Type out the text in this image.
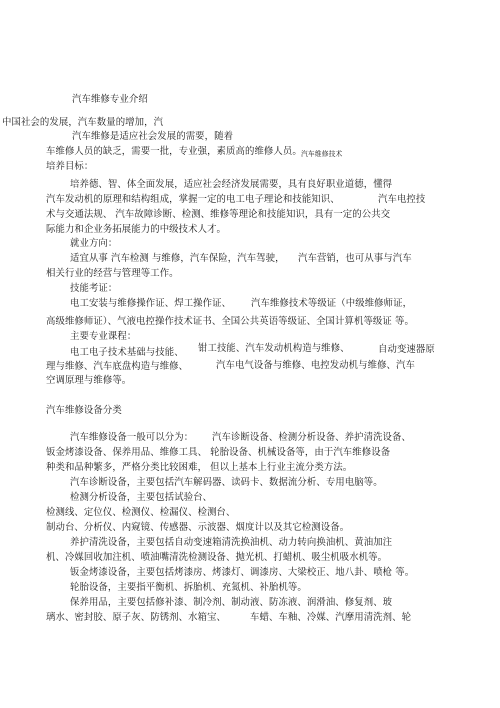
汽车维修专业介绍
中国社会的发展，汽车数量的增加，汽
汽车维修是适应社会发展的需要，随着
车维修人员的缺乏，需要一批，专业强，素质高的维修人员。 汽车维修技术
培养目标：
培养德、智、体全面发展，适应社会经济发展需要，具有良好职业道德，懂得
汽车发动机的原理和结构组成，掌握一定的电工电子理论和技能知识、	汽车电控技
术与交通法规、 汽车故障诊断、检测、维修等理论和技能知识，具有一定的公共交
际能力和企业务拓展能力的中级技术人才。
就业方向：
适宜从事 汽车检测 与维修，汽车保险，汽车驾驶， 汽车营销，也可从事与汽车
相关行业的经营与管理等工作。
技能考证：
电工安装与维修操作证、焊工操作证、 汽车维修技术等级证（中级维修师证，
高级维修师证）、气液电控操作技术证书、全国公共英语等级证、全国计算机等级证 等。
主要专业课程：
钳工技能、汽车发动机构造与维修、	自动变速器原
电工电子技术基础与技能、
理与维修、汽车底盘构造与维修、	汽车电气设备与维修、电控发动机与维修、汽车
空调原理与维修等。
汽车维修设备分类
汽车维修设备一般可以分为： 汽车诊断设备、检测分析设备、养护清洗设备、
钣金烤漆设备、保养用品、维修工具、 轮胎设备、机械设备等，由于汽车维修设备
种类和品种繁多，严格分类比较困难， 但以上基本上行业主流分类方法。
汽车诊断设备，主要包括汽车解码器、读码卡、数据流分析、专用电脑等。
检测分析设备，主要包括试验台、
检测线、定位仪、检测仪、检漏仪、检测台、
制动台、分析仪、内窥镜、传感器、示波器、烟度计以及其它检测设备。
养护清洗设备，主要包括自动变速箱清洗换油机、动力转向换油机、黄油加注
机、冷媒回收加注机、喷油嘴清洗检测设备、抛光机、打蜡机、吸尘机吸水机等。
钣金烤漆设备，主要包括烤漆房、烤漆灯、调漆房、大梁校正、地八卦、喷枪 等。
轮胎设备，主要指平衡机、拆胎机、充氮机、补胎机等。
保养用品，主要包括修补漆、制冷剂、制动液、防冻液、润滑油、修复剂、玻
璃水、密封胶、原子灰、防锈剂、水箱宝、	车蜡、车釉、冷媒、汽摩用清洗剂、轮
